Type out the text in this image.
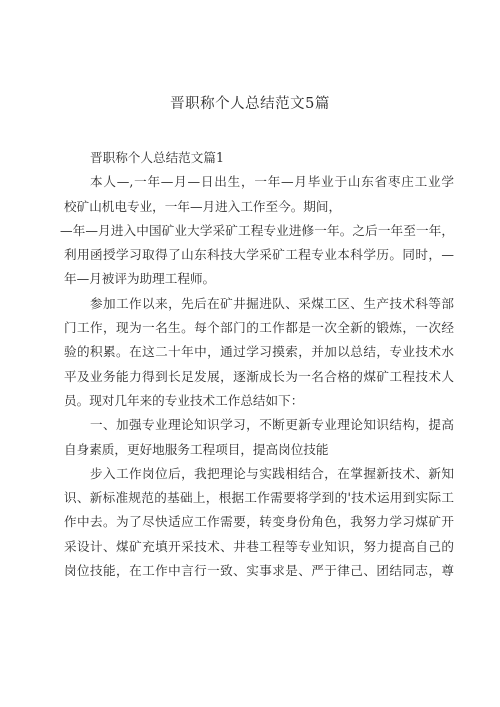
晋职称个人总结范文5篇
晋职称个人总结范文篇1
本人—,一年—月—日出生，一年—月毕业于山东省枣庄工业学
校矿山机电专业，一年—月进入工作至今。期间，
—年—月进入中国矿业大学采矿工程专业进修一年。之后一年至一年，
利用函授学习取得了山东科技大学采矿工程专业本科学历。同时，—
年—月被评为助理工程师。
参加工作以来，先后在矿井掘进队、采煤工区、生产技术科等部
门工作，现为一名生。每个部门的工作都是一次全新的锻炼，一次经
验的积累。在这二十年中，通过学习摸索，并加以总结，专业技术水
平及业务能力得到长足发展，逐渐成长为一名合格的煤矿工程技术人
员。现对几年来的专业技术工作总结如下：
一、加强专业理论知识学习，不断更新专业理论知识结构，提高
自身素质，更好地服务工程项目，提高岗位技能
步入工作岗位后，我把理论与实践相结合，在掌握新技术、新知
识、新标准规范的基础上，根据工作需要将学到的'技术运用到实际工
作中去。为了尽快适应工作需要，转变身份角色，我努力学习煤矿开
采设计、煤矿充填开采技术、井巷工程等专业知识，努力提高自己的
岗位技能，在工作中言行一致、实事求是、严于律己、团结同志，尊
